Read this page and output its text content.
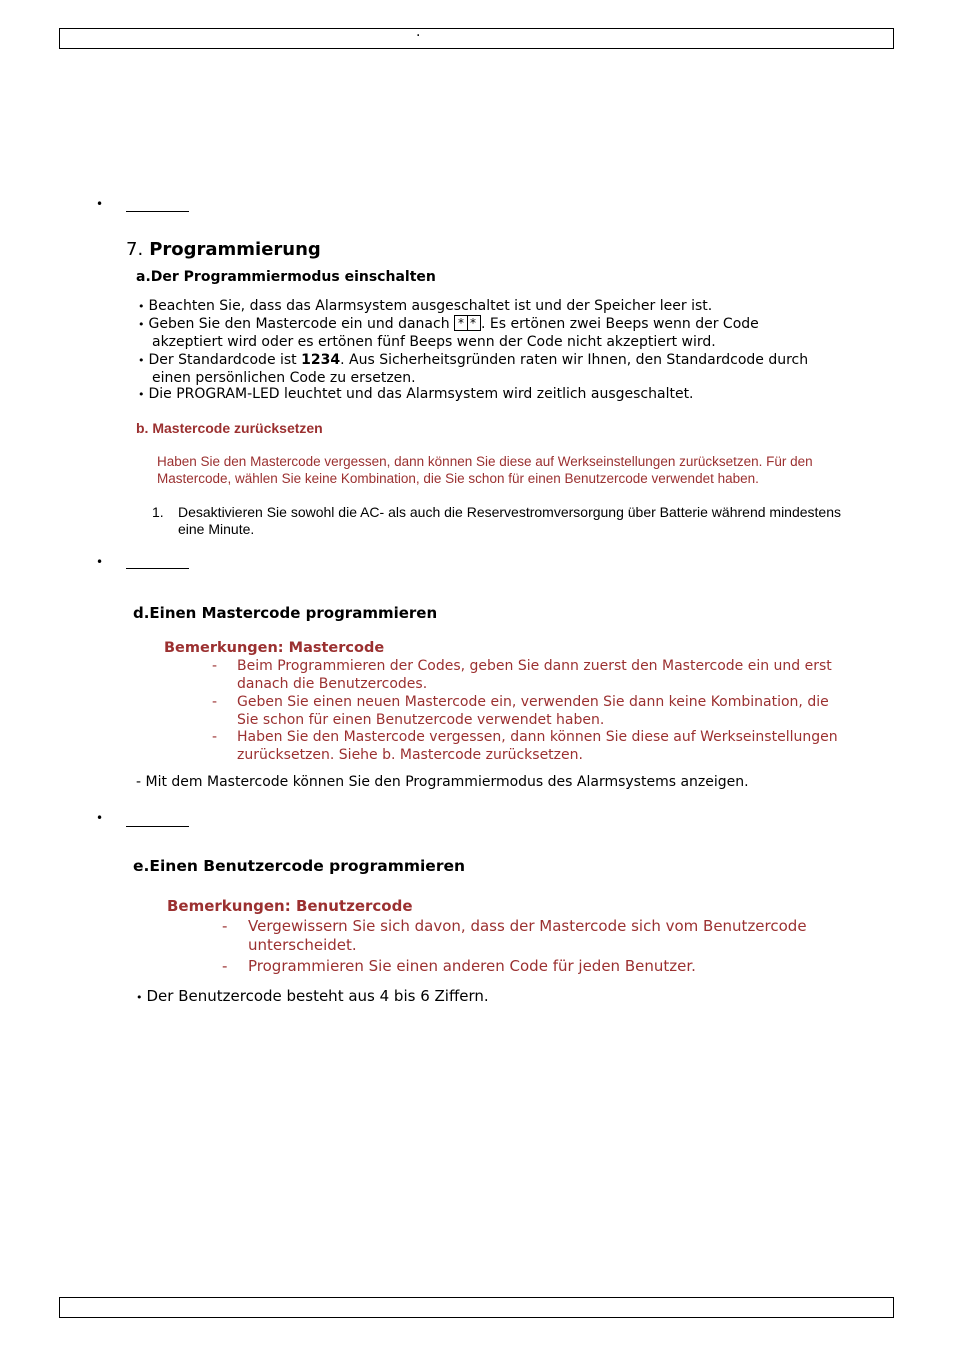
.
•
•
•
7. Programmierung
a.Der Programmiermodus einschalten
• Beachten Sie, dass das Alarmsystem ausgeschaltet ist und der Speicher leer ist.
• Geben Sie den Mastercode ein und danach * * . Es ertönen zwei Beeps wenn der Code
akzeptiert wird oder es ertönen fünf Beeps wenn der Code nicht akzeptiert wird.
• Der Standardcode ist 1234. Aus Sicherheitsgründen raten wir Ihnen, den Standardcode durch
einen persönlichen Code zu ersetzen.
• Die PROGRAM-LED leuchtet und das Alarmsystem wird zeitlich ausgeschaltet.
b. Mastercode zurücksetzen
Haben Sie den Mastercode vergessen, dann können Sie diese auf Werkseinstellungen zurücksetzen. Für den
Mastercode, wählen Sie keine Kombination, die Sie schon für einen Benutzercode verwendet haben.
1. Desaktivieren Sie sowohl die AC- als auch die Reservestromversorgung über Batterie während mindestens
eine Minute.
d.Einen Mastercode programmieren
Bemerkungen: Mastercode
- Beim Programmieren der Codes, geben Sie dann zuerst den Mastercode ein und erst
danach die Benutzercodes.
- Geben Sie einen neuen Mastercode ein, verwenden Sie dann keine Kombination, die
Sie schon für einen Benutzercode verwendet haben.
- Haben Sie den Mastercode vergessen, dann können Sie diese auf Werkseinstellungen
zurücksetzen. Siehe b. Mastercode zurücksetzen.
- Mit dem Mastercode können Sie den Programmiermodus des Alarmsystems anzeigen.
e.Einen Benutzercode programmieren
Bemerkungen: Benutzercode
- Vergewissern Sie sich davon, dass der Mastercode sich vom Benutzercode
unterscheidet.
- Programmieren Sie einen anderen Code für jeden Benutzer.
• Der Benutzercode besteht aus 4 bis 6 Ziffern.
